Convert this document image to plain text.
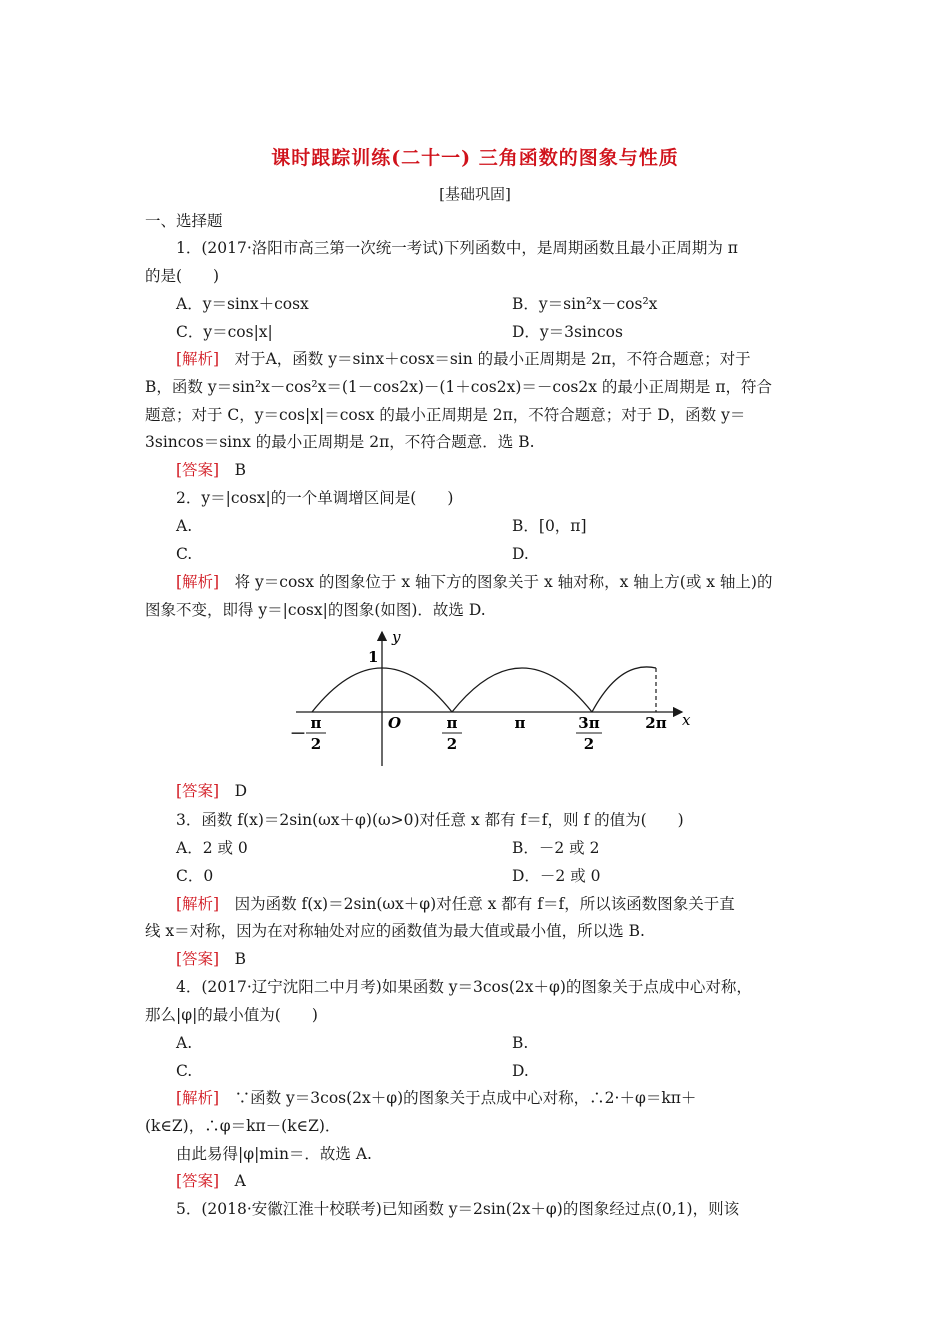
课时跟踪训练(二十一) 三角函数的图象与性质
[基础巩固]
一、选择题
1．(2017·洛阳市高三第一次统一考试)下列函数中，是周期函数且最小正周期为 π
的是(　　)
A．y＝sinx＋cosx	B．y＝sin²x－cos²x
C．y＝cos|x|	D．y＝3sincos
[解析]　对于A，函数 y＝sinx＋cosx＝sin 的最小正周期是 2π，不符合题意；对于
B，函数 y＝sin²x－cos²x＝(1－cos2x)－(1＋cos2x)＝－cos2x 的最小正周期是 π，符合
题意；对于 C，y＝cos|x|＝cosx 的最小正周期是 2π，不符合题意；对于 D，函数 y＝
3sincos＝sinx 的最小正周期是 2π，不符合题意．选 B.
[答案]　B
2．y＝|cosx|的一个单调增区间是(　　)
A.	B．[0，π]
C.	D.
[解析]　将 y＝cosx 的图象位于 x 轴下方的图象关于 x 轴对称，x 轴上方(或 x 轴上)的
图象不变，即得 y＝|cosx|的图象(如图)．故选 D.
y
x
1
O
－
π
2
π
2
π	3π
2
2π
[答案]　D
3．函数 f(x)＝2sin(ωx＋φ)(ω>0)对任意 x 都有 f＝f，则 f 的值为(　　)
A．2 或 0	B．－2 或 2
C．0	D．－2 或 0
[解析]　因为函数 f(x)＝2sin(ωx＋φ)对任意 x 都有 f＝f，所以该函数图象关于直
线 x＝对称，因为在对称轴处对应的函数值为最大值或最小值，所以选 B.
[答案]　B
4．(2017·辽宁沈阳二中月考)如果函数 y＝3cos(2x＋φ)的图象关于点成中心对称，
那么|φ|的最小值为(　　)
A.	B.
C.	D.
[解析]　∵函数 y＝3cos(2x＋φ)的图象关于点成中心对称，∴2·＋φ＝kπ＋
(k∈Z)，∴φ＝kπ－(k∈Z)．
由此易得|φ|min＝．故选 A.
[答案]　A
5．(2018·安徽江淮十校联考)已知函数 y＝2sin(2x＋φ)的图象经过点(0,1)，则该
